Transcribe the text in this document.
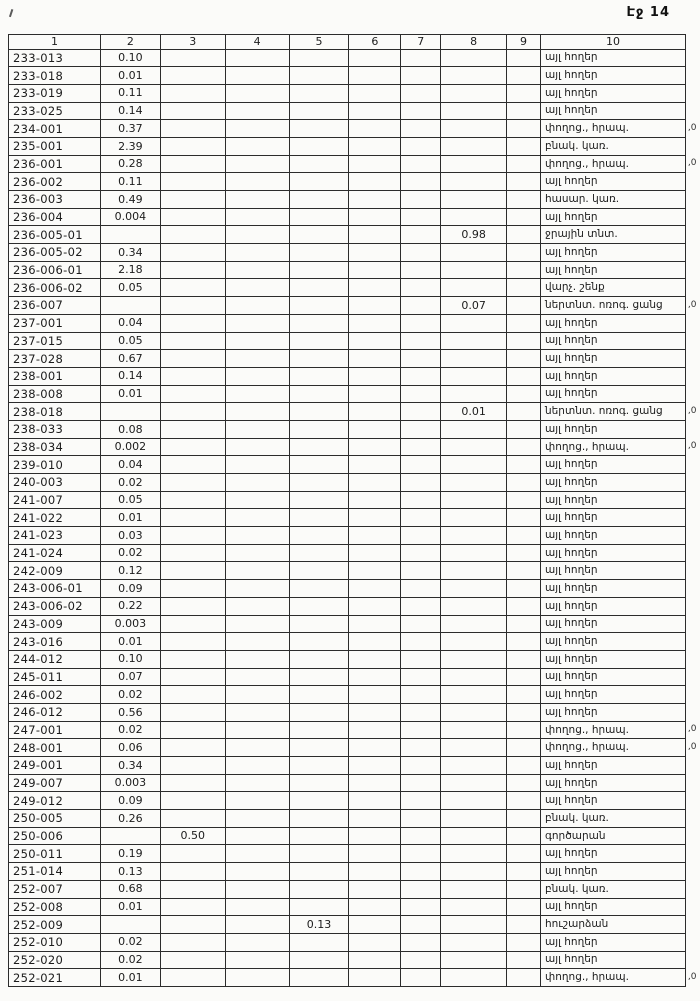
Էջ 14
1	2	3	4	5	6	7	8	9	10	
233-013	0.10								այլ հողեր	
233-018	0.01								այլ հողեր	
233-019	0.11								այլ հողեր	
233-025	0.14								այլ հողեր	
234-001	0.37								փողոց., հրապ.	,0
235-001	2.39								բնակ. կառ.	
236-001	0.28								փողոց., հրապ.	,0
236-002	0.11								այլ հողեր	
236-003	0.49								հասար. կառ.	
236-004	0.004								այլ հողեր	
236-005-01							0.98		ջրային տնտ.	
236-005-02	0.34								այլ հողեր	
236-006-01	2.18								այլ հողեր	
236-006-02	0.05								վարչ. շենք	
236-007							0.07		ներտնտ. ոռոգ. ցանց	,0
237-001	0.04								այլ հողեր	
237-015	0.05								այլ հողեր	
237-028	0.67								այլ հողեր	
238-001	0.14								այլ հողեր	
238-008	0.01								այլ հողեր	
238-018							0.01		ներտնտ. ոռոգ. ցանց	,0
238-033	0.08								այլ հողեր	
238-034	0.002								փողոց., հրապ.	,0
239-010	0.04								այլ հողեր	
240-003	0.02								այլ հողեր	
241-007	0.05								այլ հողեր	
241-022	0.01								այլ հողեր	
241-023	0.03								այլ հողեր	
241-024	0.02								այլ հողեր	
242-009	0.12								այլ հողեր	
243-006-01	0.09								այլ հողեր	
243-006-02	0.22								այլ հողեր	
243-009	0.003								այլ հողեր	
243-016	0.01								այլ հողեր	
244-012	0.10								այլ հողեր	
245-011	0.07								այլ հողեր	
246-002	0.02								այլ հողեր	
246-012	0.56								այլ հողեր	
247-001	0.02								փողոց., հրապ.	,0
248-001	0.06								փողոց., հրապ.	,0
249-001	0.34								այլ հողեր	
249-007	0.003								այլ հողեր	
249-012	0.09								այլ հողեր	
250-005	0.26								բնակ. կառ.	
250-006		0.50							գործարան	
250-011	0.19								այլ հողեր	
251-014	0.13								այլ հողեր	
252-007	0.68								բնակ. կառ.	
252-008	0.01								այլ հողեր	
252-009				0.13					հուշարձան	
252-010	0.02								այլ հողեր	
252-020	0.02								այլ հողեր	
252-021	0.01								փողոց., հրապ.	,0
